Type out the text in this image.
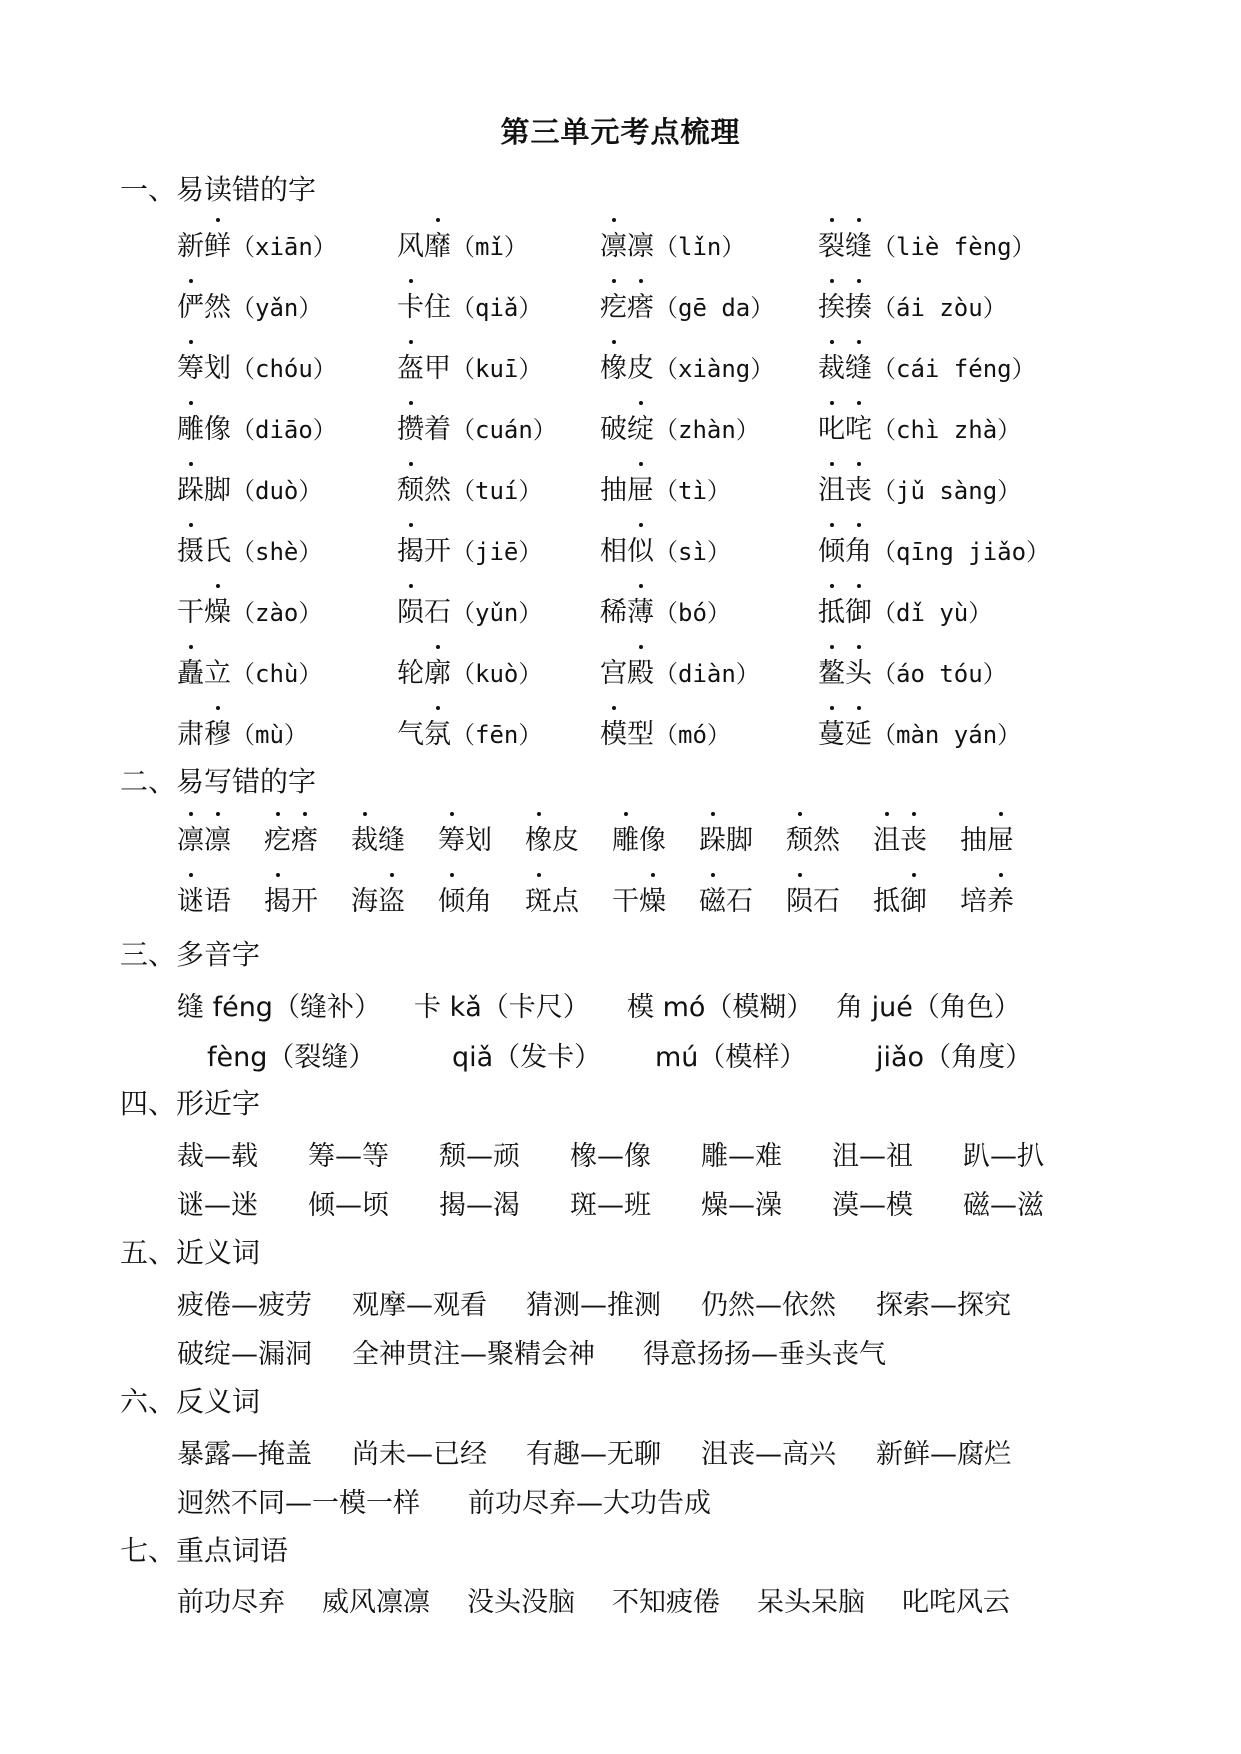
第三单元考点梳理
一、易读错的字
新鲜（xiān） 风靡（mǐ）	凛凛（lǐn）	裂缝（liè fèng）
俨然（yǎn）	卡住（qiǎ） 疙瘩（gē da） 挨揍（ái zòu）
筹划（chóu） 盔甲（kuī） 橡皮（xiàng） 裁缝（cái féng）
雕像（diāo） 攒着（cuán） 破绽（zhàn） 叱咤（chì zhà）
跺脚（duò）	颓然（tuí） 抽屉（tì）	沮丧（jǔ sàng）
摄氏（shè）	揭开（jiē） 相似（sì）	倾角（qīng jiǎo）
干燥（zào）	陨石（yǔn） 稀薄（bó）	抵御（dǐ yù）
矗立（chù）	轮廓（kuò） 宫殿（diàn） 鳌头（áo tóu）
肃穆（mù）	气氛（fēn） 模型（mó）	蔓延（màn yán）
二、易写错的字
凛凛 疙瘩 裁缝 筹划 橡皮 雕像 跺脚 颓然 沮丧 抽屉
谜语 揭开 海盗 倾角 斑点 干燥 磁石 陨石 抵御 培养
三、多音字
缝 féng（缝补） 卡 kǎ（卡尺） 模 mó（模糊） 角 jué（角色）
fèng（裂缝）	qiǎ（发卡） mú（模样）	jiǎo（角度）
四、形近字
裁—载 筹—等 颓—顽 橡—像 雕—难 沮—祖 趴—扒
谜—迷 倾—顷 揭—渴 斑—班 燥—澡 漠—模 磁—滋
五、近义词
疲倦—疲劳 观摩—观看 猜测—推测 仍然—依然 探索—探究
破绽—漏洞 全神贯注—聚精会神 得意扬扬—垂头丧气
六、反义词
暴露—掩盖 尚未—已经 有趣—无聊 沮丧—高兴 新鲜—腐烂
迥然不同—一模一样 前功尽弃—大功告成
七、重点词语
前功尽弃 威风凛凛 没头没脑 不知疲倦 呆头呆脑 叱咤风云
